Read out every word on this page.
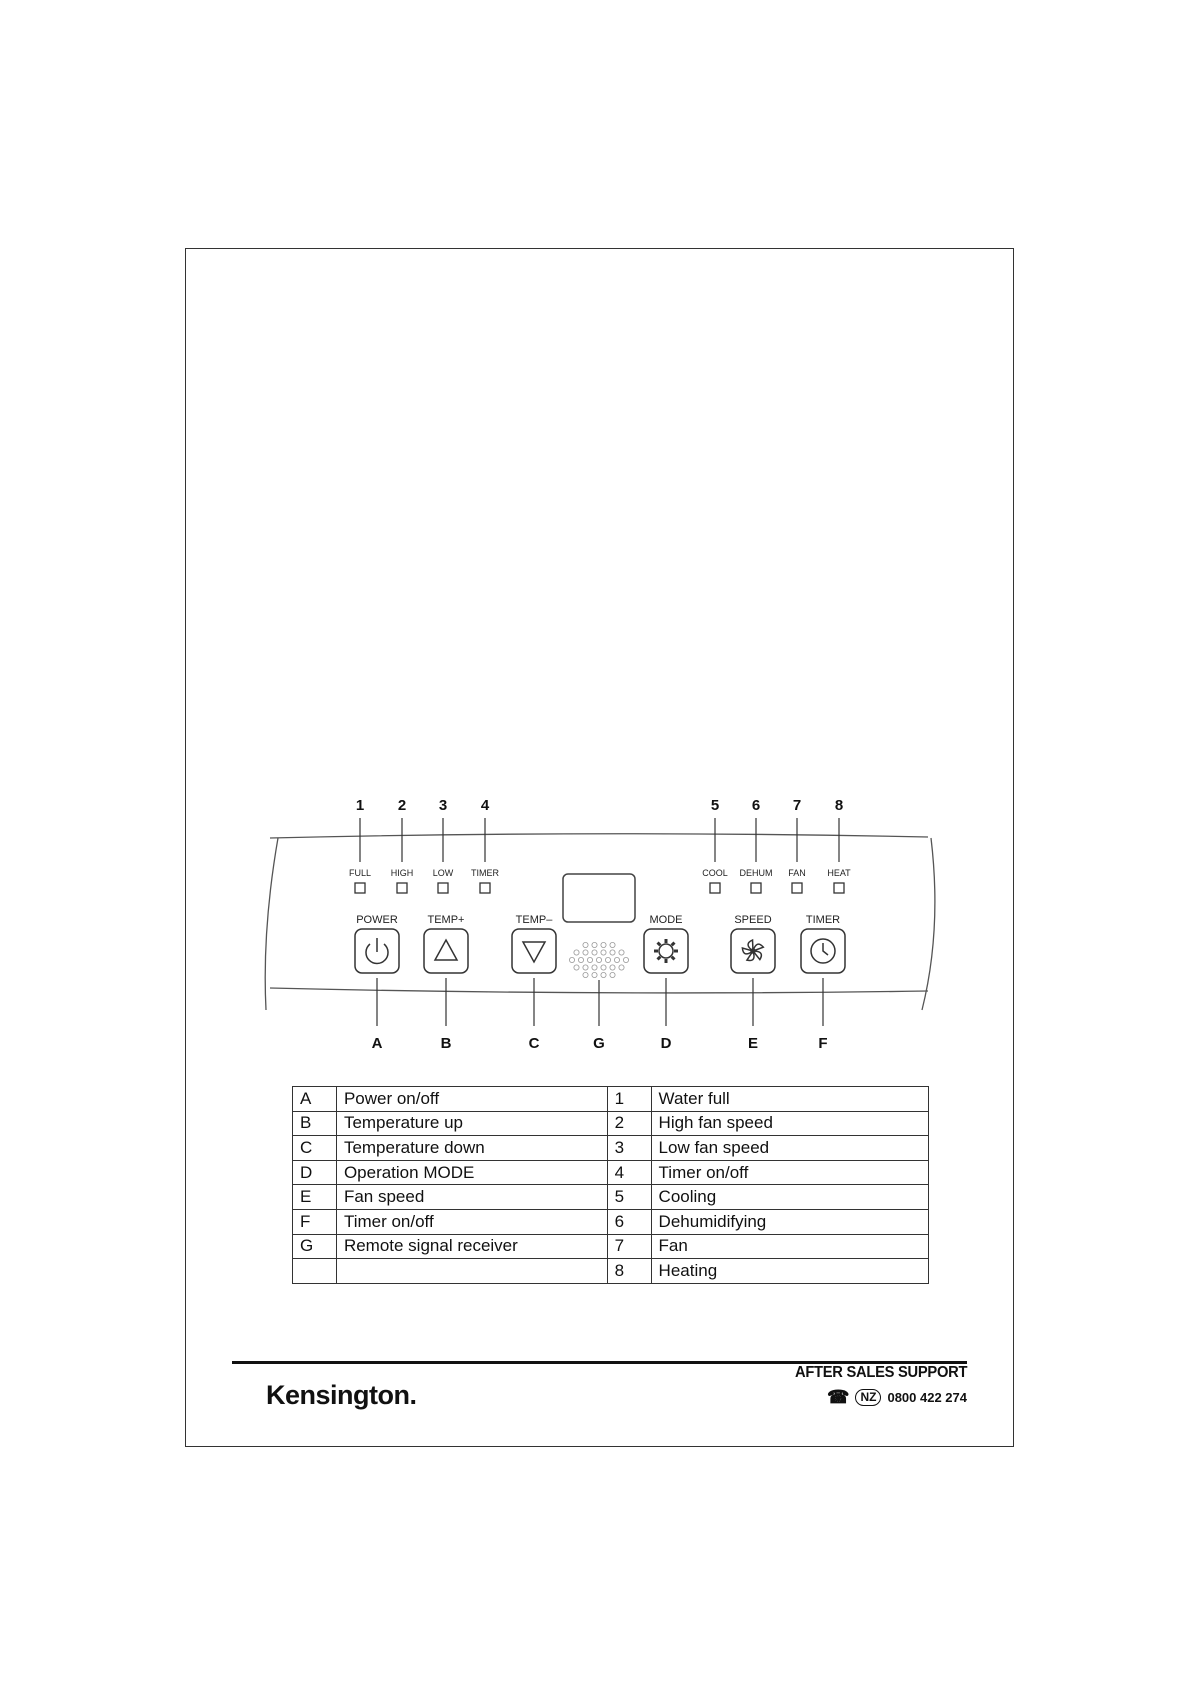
1
FULL
2
HIGH
3
LOW
4
TIMER
5
COOL
6
DEHUM
7
FAN
8
HEAT
POWER	TEMP+	TEMP–	MODE	SPEED	TIMER
A	B	C	G	D	E	F
A	Power on/off	1	Water full
B	Temperature up	2	High fan speed
C	Temperature down	3	Low fan speed
D	Operation MODE	4	Timer on/off
E	Fan speed	5	Cooling
F	Timer on/off	6	Dehumidifying
G	Remote signal receiver	7	Fan
		8	Heating
Kensington.
AFTER SALES SUPPORT
☎ NZ 0800 422 274
